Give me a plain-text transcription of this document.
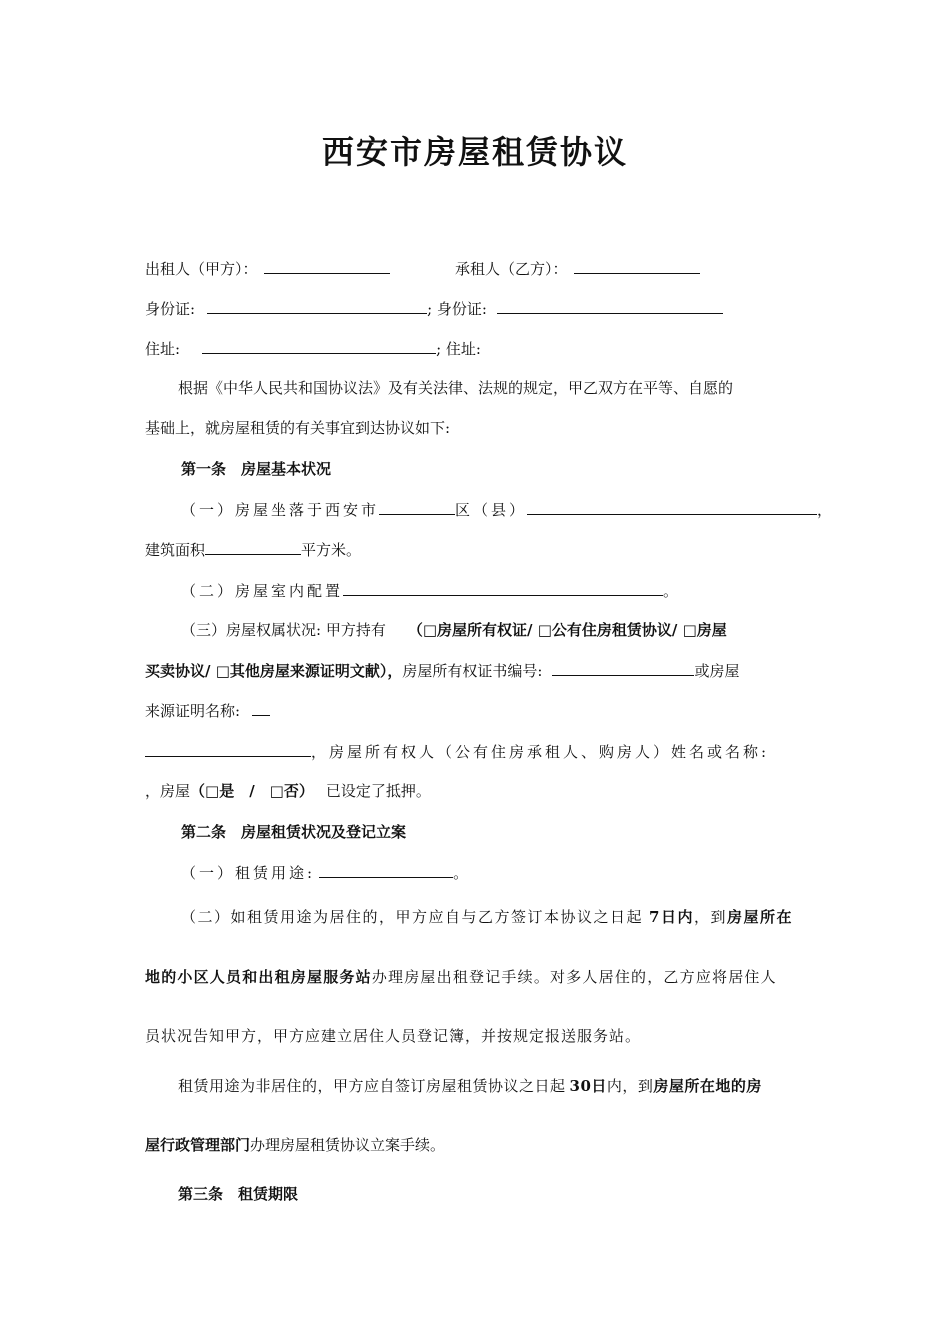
西安市房屋租赁协议
出租人（甲方）：	承租人（乙方）：
身份证:	; 身份证:
住址:	; 住址:
根据《中华人民共和国协议法》及有关法律、法规的规定，甲乙双方在平等、自愿的
基础上，就房屋租赁的有关事宜到达协议如下:
第一条　房屋基本状况
（一）房屋坐落于西安市	区（县）	，
建筑面积	平方米。
（二）房屋室内配置	。
（三）房屋权属状况: 甲方持有 （□房屋所有权证/ □公有住房租赁协议/ □房屋
买卖协议/ □其他房屋来源证明文献），房屋所有权证书编号:	或房屋
来源证明名称:
，房屋所有权人（公有住房承租人、购房人）姓名或名称:
，房屋（□是　/　□否） 已设定了抵押。
第二条　房屋租赁状况及登记立案
（一）租赁用途:	。
（二）如租赁用途为居住的，甲方应自与乙方签订本协议之日起 7日内，到房屋所在
地的小区人员和出租房屋服务站办理房屋出租登记手续。对多人居住的，乙方应将居住人
员状况告知甲方，甲方应建立居住人员登记簿，并按规定报送服务站。
租赁用途为非居住的，甲方应自签订房屋租赁协议之日起 30日内，到房屋所在地的房
屋行政管理部门办理房屋租赁协议立案手续。
第三条　租赁期限
